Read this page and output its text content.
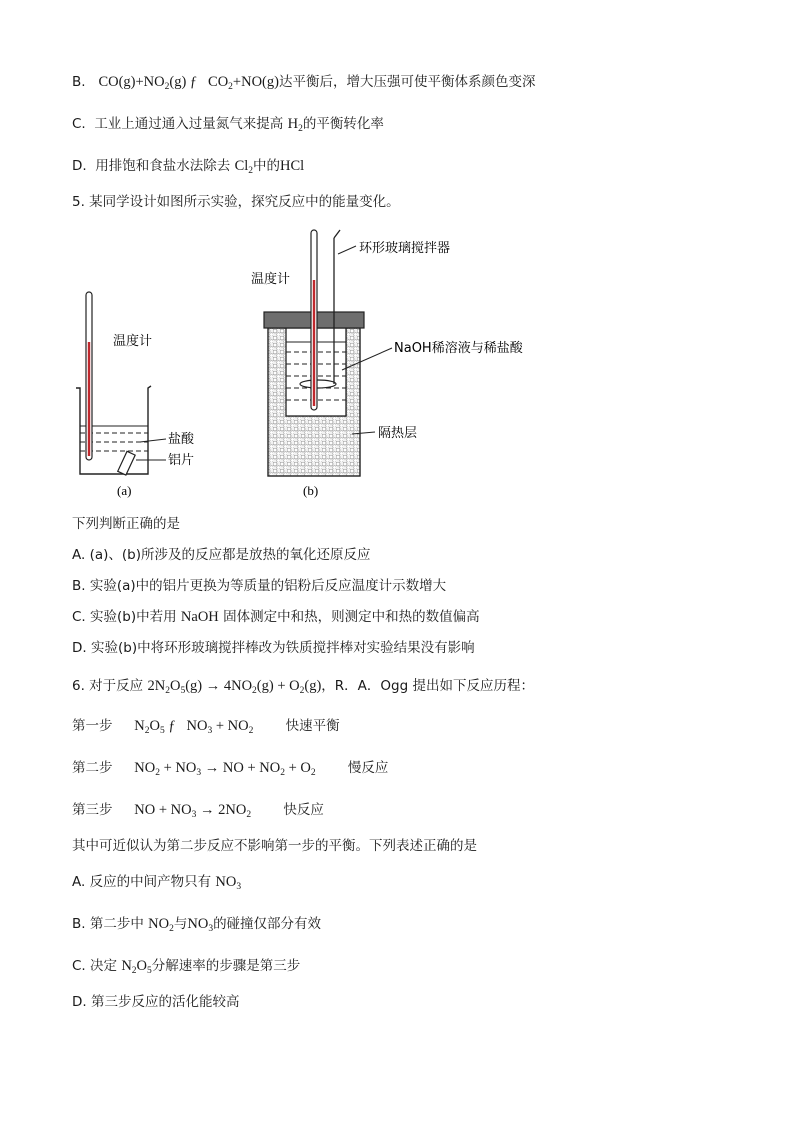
B. $CO(g)+NO_2(g)$ ƒ   $CO_2+NO(g)$达平衡后，增大压强可使平衡体系颜色变深
C. 工业上通过通入过量氮气来提高 $H_2$的平衡转化率
D. 用排饱和食盐水法除去 $Cl_2$中的HCl
5. 某同学设计如图所示实验，探究反应中的能量变化。
温度计
盐酸
铝片
(a)
环形玻璃搅拌器
温度计
NaOH稀溶液与稀盐酸
隔热层
(b)
下列判断正确的是
A. (a)、(b)所涉及的反应都是放热的氧化还原反应
B. 实验(a)中的铝片更换为等质量的铝粉后反应温度计示数增大
C. 实验(b)中若用 NaOH 固体测定中和热，则测定中和热的数值偏高
D. 实验(b)中将环形玻璃搅拌棒改为铁质搅拌棒对实验结果没有影响
6. 对于反应 $2N_2O_5(g) \to 4NO_2(g) + O_2(g)$，R．A．Ogg 提出如下反应历程：
第一步 $N_2O_5$ ƒ   $NO_3 + NO_2$ 快速平衡
第二步 $NO_2 + NO_3$ → NO + $NO_2 + O_2$ 慢反应
第三步 NO + $NO_3 \to 2NO_2$ 快反应
其中可近似认为第二步反应不影响第一步的平衡。下列表述正确的是
A. 反应的中间产物只有 $NO_3$
B. 第二步中 $NO_2$与$NO_3$的碰撞仅部分有效
C. 决定 $N_2O_5$分解速率的步骤是第三步
D. 第三步反应的活化能较高
